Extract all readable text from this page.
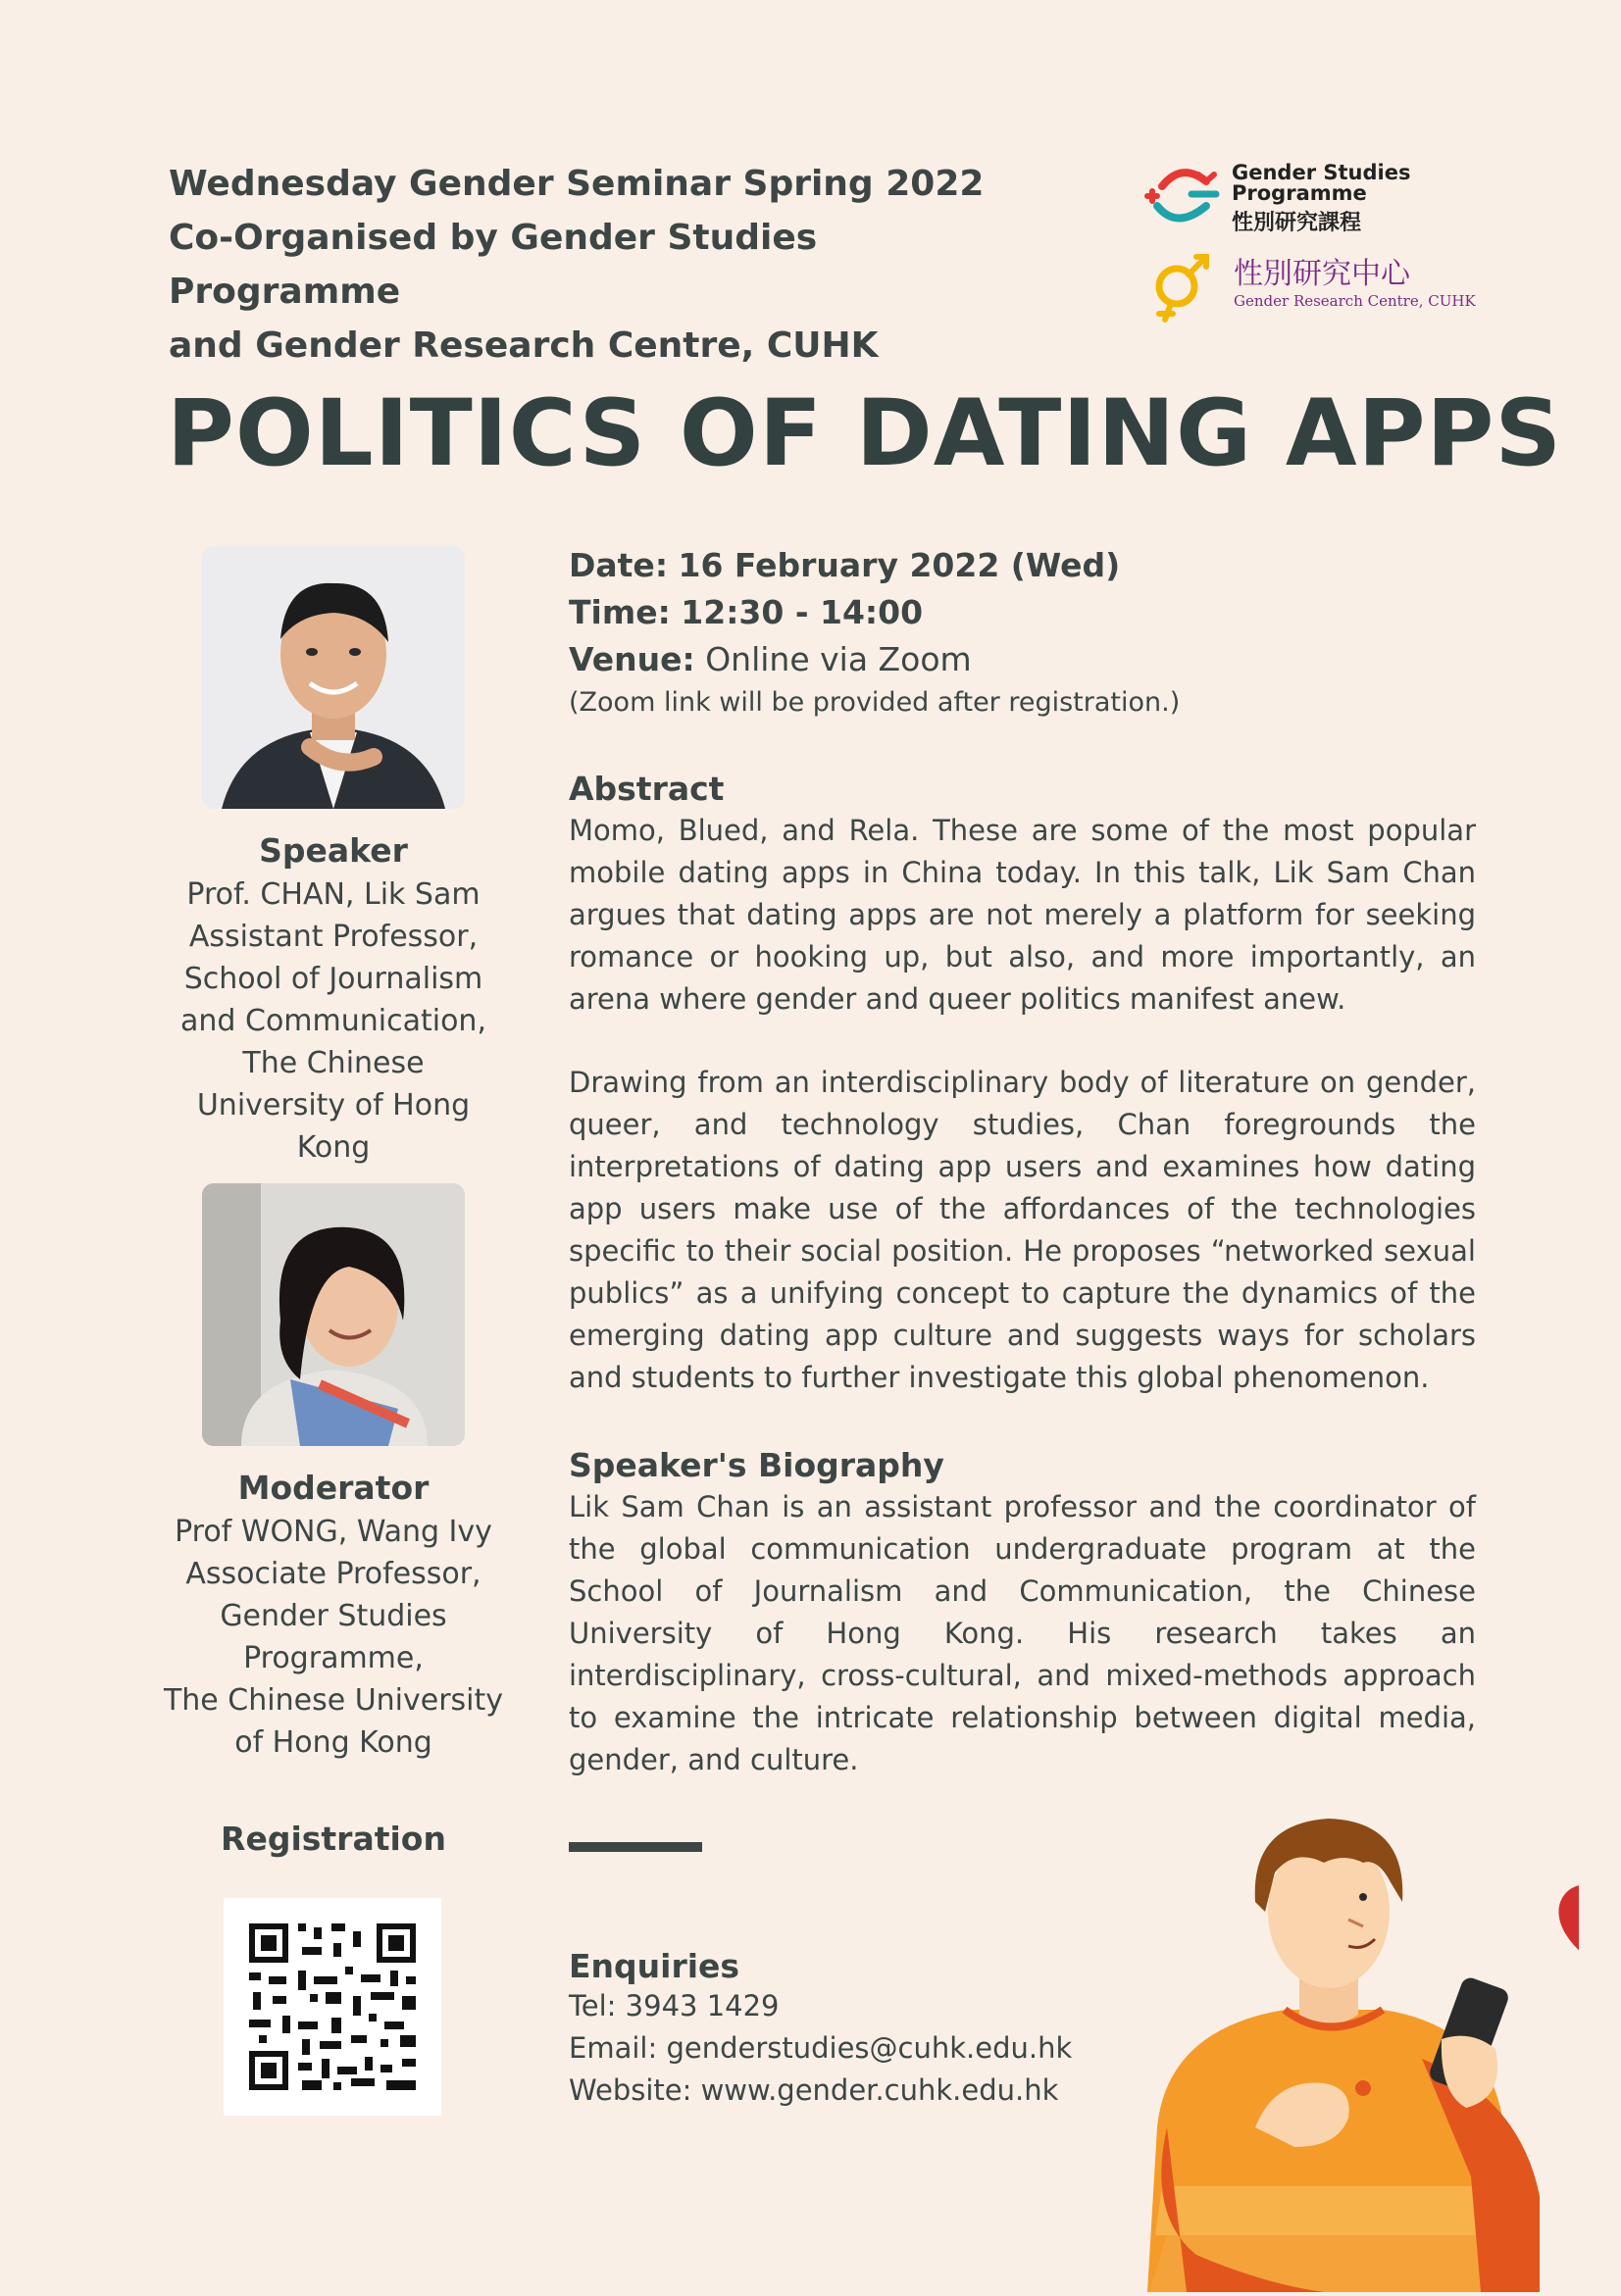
Wednesday Gender Seminar Spring 2022
Co-Organised by Gender Studies Programme
and Gender Research Centre, CUHK
Gender Studies
Programme
性別研究課程
性別研究中心
Gender Research Centre, CUHK
POLITICS OF DATING APPS
Speaker
Prof. CHAN, Lik Sam
Assistant Professor,
School of Journalism
and Communication,
The Chinese
University of Hong
Kong
Moderator
Prof WONG, Wang Ivy
Associate Professor,
Gender Studies
Programme,
The Chinese University
of Hong Kong
Registration
Date: 16 February 2022 (Wed)
Time: 12:30 - 14:00
Venue: Online via Zoom
(Zoom link will be provided after registration.)
Abstract
Momo, Blued, and Rela. These are some of the most popular mobile dating apps in China today. In this talk, Lik Sam Chan argues that dating apps are not merely a platform for seeking romance or hooking up, but also, and more importantly, an arena where gender and queer politics manifest anew.
Drawing from an interdisciplinary body of literature on gender, queer, and technology studies, Chan foregrounds the interpretations of dating app users and examines how dating app users make use of the affordances of the technologies specific to their social position. He proposes “networked sexual publics” as a unifying concept to capture the dynamics of the emerging dating app culture and suggests ways for scholars and students to further investigate this global phenomenon.
Speaker's Biography
Lik Sam Chan is an assistant professor and the coordinator of the global communication undergraduate program at the School of Journalism and Communication, the Chinese University of Hong Kong. His research takes an interdisciplinary, cross-cultural, and mixed-methods approach to examine the intricate relationship between digital media, gender, and culture.
Enquiries
Tel: 3943 1429
Email: genderstudies@cuhk.edu.hk
Website: www.gender.cuhk.edu.hk
